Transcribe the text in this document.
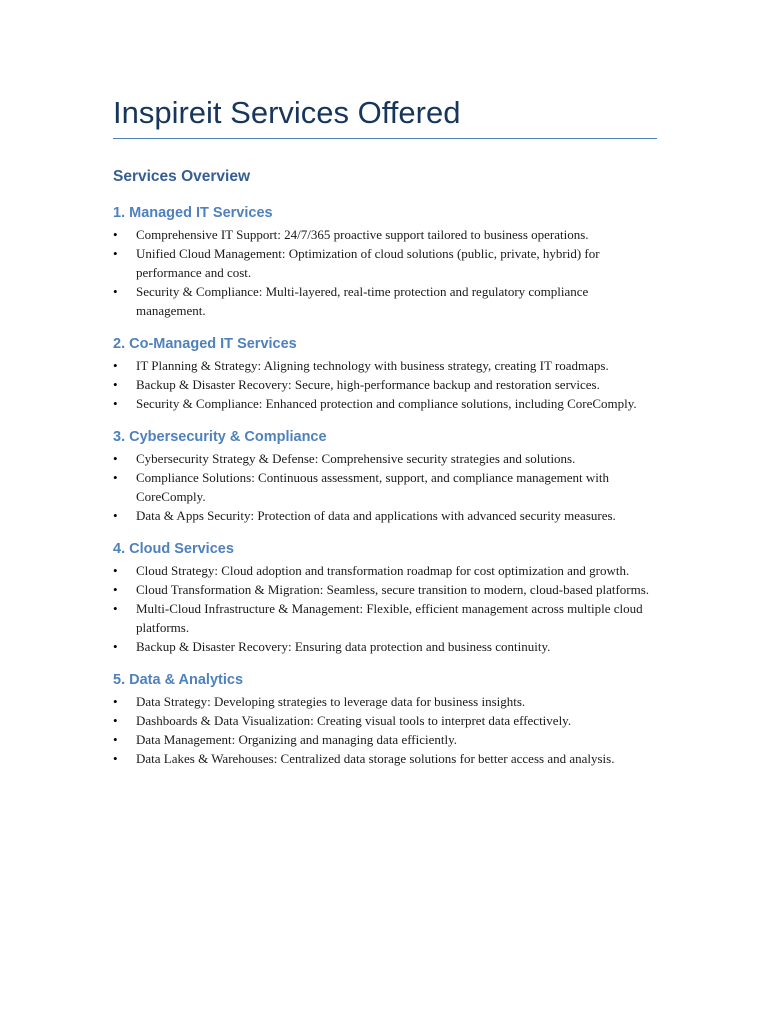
Inspireit Services Offered
Services Overview
1. Managed IT Services
• Comprehensive IT Support: 24/7/365 proactive support tailored to business operations.
• Unified Cloud Management: Optimization of cloud solutions (public, private, hybrid) for performance and cost.
• Security & Compliance: Multi-layered, real-time protection and regulatory compliance management.
2. Co-Managed IT Services
• IT Planning & Strategy: Aligning technology with business strategy, creating IT roadmaps.
• Backup & Disaster Recovery: Secure, high-performance backup and restoration services.
• Security & Compliance: Enhanced protection and compliance solutions, including CoreComply.
3. Cybersecurity & Compliance
• Cybersecurity Strategy & Defense: Comprehensive security strategies and solutions.
• Compliance Solutions: Continuous assessment, support, and compliance management with CoreComply.
• Data & Apps Security: Protection of data and applications with advanced security measures.
4. Cloud Services
• Cloud Strategy: Cloud adoption and transformation roadmap for cost optimization and growth.
• Cloud Transformation & Migration: Seamless, secure transition to modern, cloud-based platforms.
• Multi-Cloud Infrastructure & Management: Flexible, efficient management across multiple cloud platforms.
• Backup & Disaster Recovery: Ensuring data protection and business continuity.
5. Data & Analytics
• Data Strategy: Developing strategies to leverage data for business insights.
• Dashboards & Data Visualization: Creating visual tools to interpret data effectively.
• Data Management: Organizing and managing data efficiently.
• Data Lakes & Warehouses: Centralized data storage solutions for better access and analysis.
